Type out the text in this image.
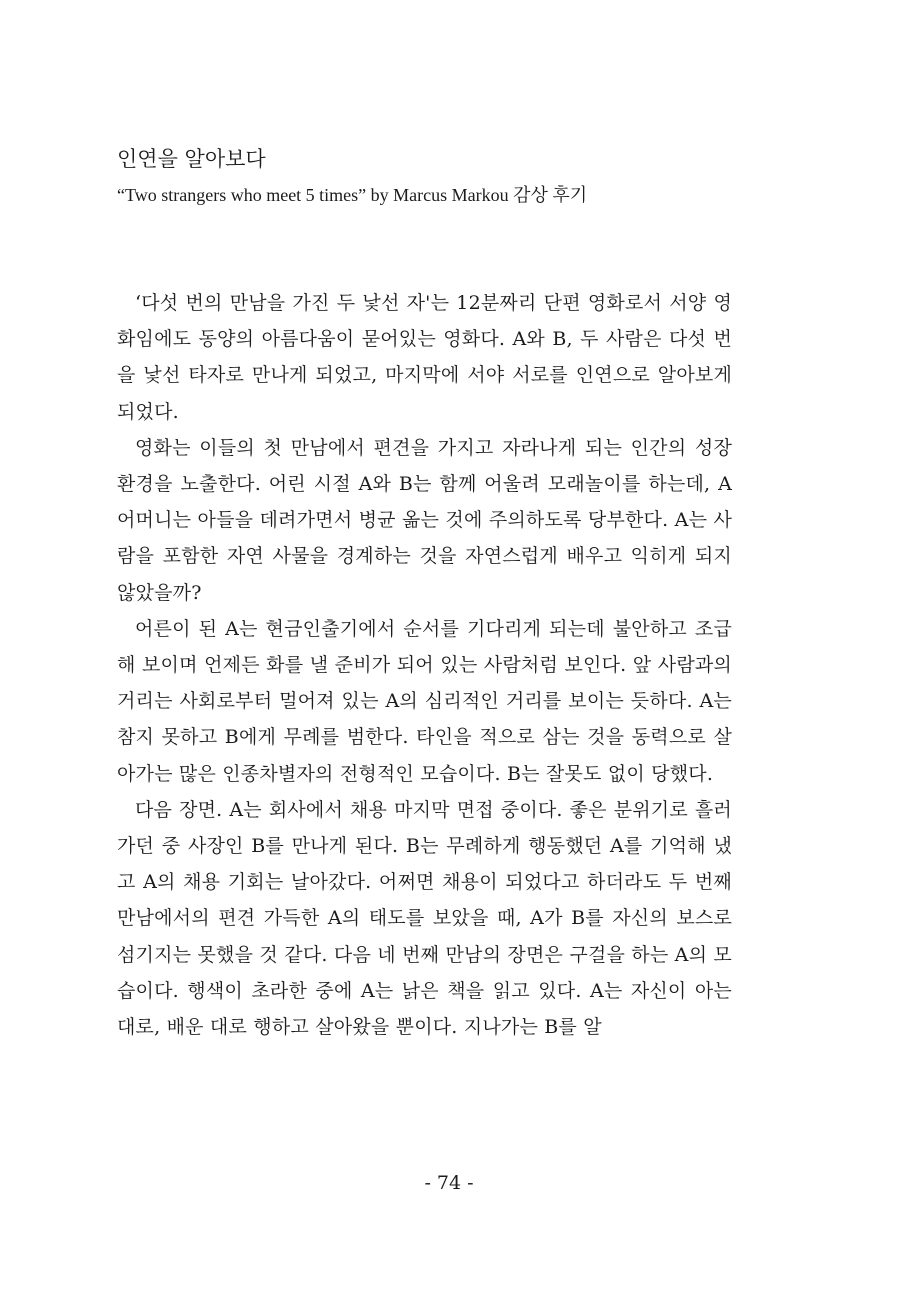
인연을 알아보다
“Two strangers who meet 5 times” by Marcus Markou 감상 후기

‘다섯 번의 만남을 가진 두 낯선 자'는 12분짜리 단편 영화로서 서양 영화임에도 동양의 아름다움이 묻어있는 영화다. A와 B, 두 사람은 다섯 번을 낯선 타자로 만나게 되었고, 마지막에 서야 서로를 인연으로 알아보게 되었다.

영화는 이들의 첫 만남에서 편견을 가지고 자라나게 되는 인간의 성장 환경을 노출한다. 어린 시절 A와 B는 함께 어울려 모래놀이를 하는데, A 어머니는 아들을 데려가면서 병균 옮는 것에 주의하도록 당부한다. A는 사람을 포함한 자연 사물을 경계하는 것을 자연스럽게 배우고 익히게 되지 않았을까?

어른이 된 A는 현금인출기에서 순서를 기다리게 되는데 불안하고 조급해 보이며 언제든 화를 낼 준비가 되어 있는 사람처럼 보인다. 앞 사람과의 거리는 사회로부터 멀어져 있는 A의 심리적인 거리를 보이는 듯하다. A는 참지 못하고 B에게 무례를 범한다. 타인을 적으로 삼는 것을 동력으로 살아가는 많은 인종차별자의 전형적인 모습이다. B는 잘못도 없이 당했다.

다음 장면. A는 회사에서 채용 마지막 면접 중이다. 좋은 분위기로 흘러가던 중 사장인 B를 만나게 된다. B는 무례하게 행동했던 A를 기억해 냈고 A의 채용 기회는 날아갔다. 어쩌면 채용이 되었다고 하더라도 두 번째 만남에서의 편견 가득한 A의 태도를 보았을 때, A가 B를 자신의 보스로 섬기지는 못했을 것 같다. 다음 네 번째 만남의 장면은 구걸을 하는 A의 모습이다. 행색이 초라한 중에 A는 낡은 책을 읽고 있다. A는 자신이 아는 대로, 배운 대로 행하고 살아왔을 뿐이다. 지나가는 B를 알

- 74 -
